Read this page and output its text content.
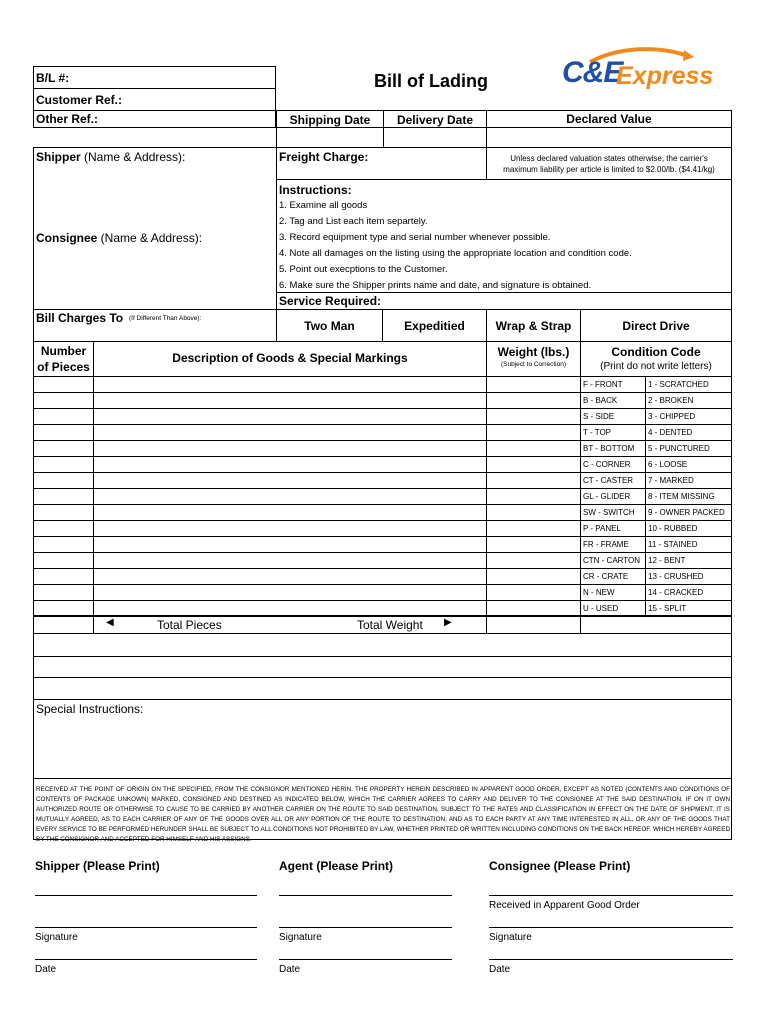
C&E
Express
B/L #:	Bill of Lading
Customer Ref.:
Other Ref.:	Shipping Date	Delivery Date	Declared Value
Shipper (Name & Address):
Consignee (Name & Address):
Freight Charge:	Unless declared valuation states otherwise, the carrier's
maximum liability per article is limited to $2.00/lb. ($4.41/kg)
Instructions:
1. Examine all goods
2. Tag and List each item separtely.
3. Record equipment type and serial number whenever possible.
4. Note all damages on the listing using the appropriate location and condition code.
5. Point out execptions to the Customer.
6. Make sure the Shipper prints name and date, and signature is obtained.
Service Required:
Bill Charges To (If Different Than Above):
Two Man	Expeditied	Wrap & Strap	Direct Drive
Number
of Pieces
Description of Goods & Special Markings	Weight (lbs.)
(Subject to Correction)
Condition Code
(Print do not write letters)
F - FRONT	1 - SCRATCHED
B - BACK	2 - BROKEN
S - SIDE	3 - CHIPPED
T - TOP	4 - DENTED
BT - BOTTOM 5 - PUNCTURED
C - CORNER 6 - LOOSE
CT - CASTER 7 - MARKED
GL - GLIDER 8 - ITEM MISSING
SW - SWITCH 9 - OWNER PACKED
P - PANEL	10 - RUBBED
FR - FRAME 11 - STAINED
CTN - CARTON 12 - BENT
CR - CRATE 13 - CRUSHED
N - NEW	14 - CRACKED
U - USED	15 - SPLIT
◀	Total Pieces	Total Weight ▶
Special Instructions:
RECEIVED AT THE POINT OF ORIGIN ON THE SPECIFIED, FROM THE CONSIGNOR MENTIONED HERIN. THE PROPERTY HEREIN DESCRIBED IN APPARENT GOOD ORDER, EXCEPT AS NOTED (CONTENTS AND CONDITIONS OF CONTENTS OF PACKAGE UNKOWN) MARKED, CONSIGNED AND DESTINED AS INDICATED BELOW, WHICH THE CARRIER AGREES TO CARRY AND DELIVER TO THE CONSIGNEE AT THE SAID DESTINATION. IF ON IT OWN AUTHORIZED ROUTE OR OTHERWISE TO CAUSE TO BE CARRIED BY ANOTHER CARRIER ON THE ROUTE TO SAID DESTINATION, SUBJECT TO THE RATES AND CLASSIFICATION IN EFFECT ON THE DATE OF SHIPMENT. IT IS MUTUALLY AGREED, AS TO EACH CARRIER OF ANY OF THE GOODS OVER ALL OR ANY PORTION OF THE ROUTE TO DESTINATION, AND AS TO EACH PARTY AT ANY TIME INTERESTED IN ALL, OR ANY OF THE GOODS THAT EVERY SERVICE TO BE PERFORMED HERUNDER SHALL BE SUBJECT TO ALL CONDITIONS NOT PROHIBITED BY LAW, WHETHER PRINTED OR WRITTEN INCLUDING CONDITIONS ON THE BACK HEREOF. WHICH HEREBY AGREED BY THE CONSIGNOR AND ACCEPTED FOR HIMSELF AND HIS ASSIGNS.
Shipper (Please Print)	Agent (Please Print)	Consignee (Please Print)
Received in Apparent Good Order
Signature	Signature	Signature
Date	Date	Date
